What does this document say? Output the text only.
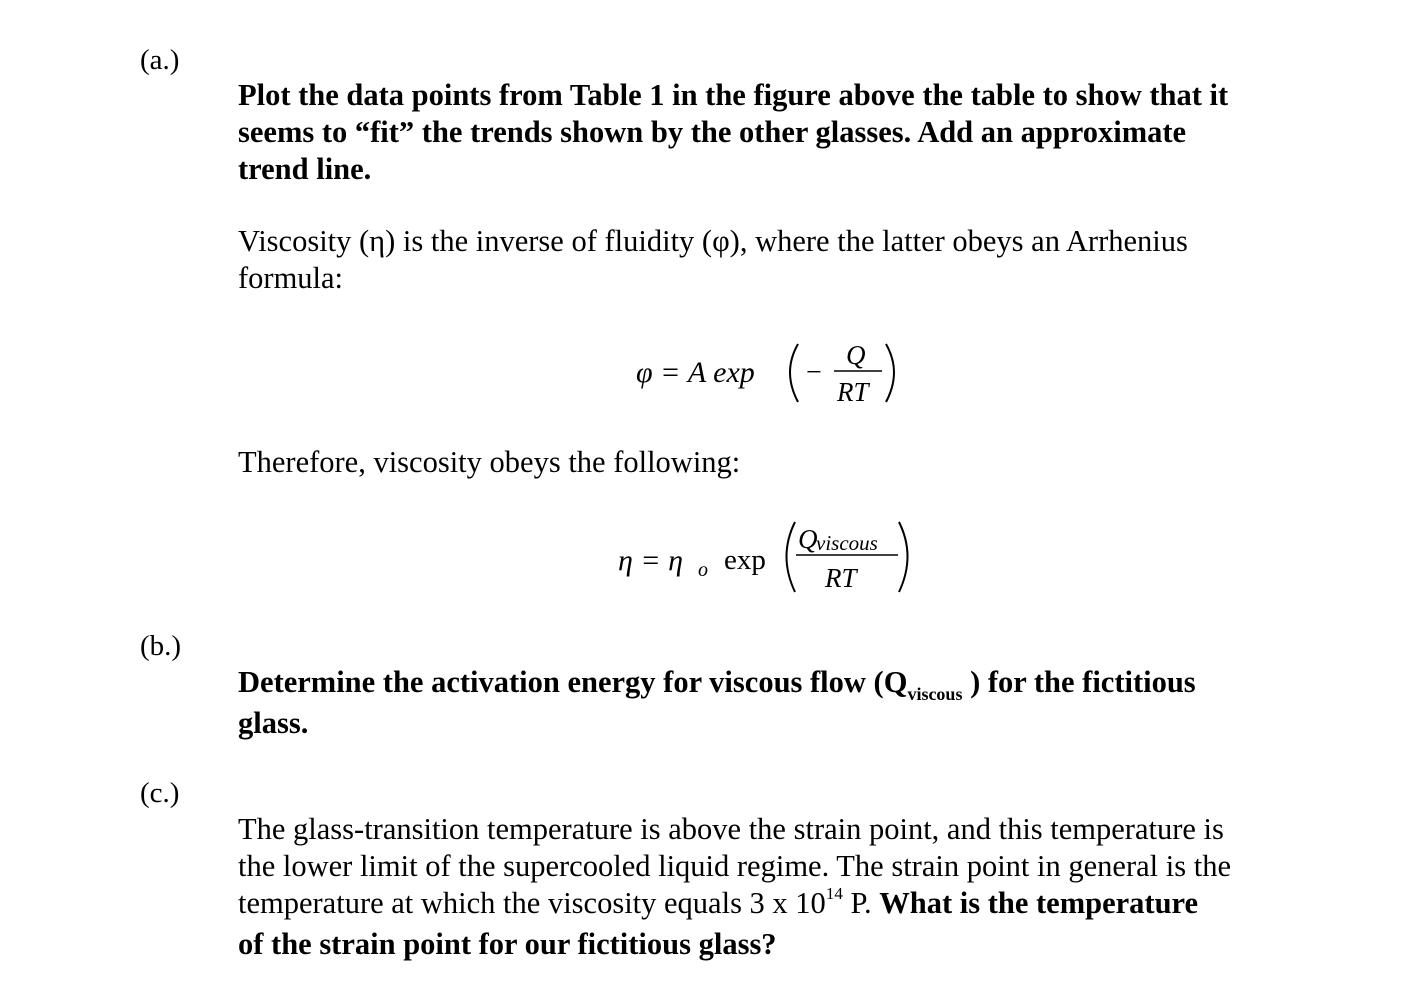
(a.)
Plot the data points from Table 1 in the figure above the table to show that it
seems to “fit” the trends shown by the other glasses. Add an approximate
trend line.
Viscosity (η) is the inverse of fluidity (φ), where the latter obeys an Arrhenius
formula:
φ = A exp −
Q
RT
Therefore, viscosity obeys the following:
η = η o exp
Q
viscous
RT
(b.)
Determine the activation energy for viscous flow ($Q_{viscous}$ ) for the fictitious
glass.
(c.)
The glass-transition temperature is above the strain point, and this temperature is
the lower limit of the supercooled liquid regime. The strain point in general is the
temperature at which the viscosity equals 3 x $10^{14}$ P. What is the temperature
of the strain point for our fictitious glass?
